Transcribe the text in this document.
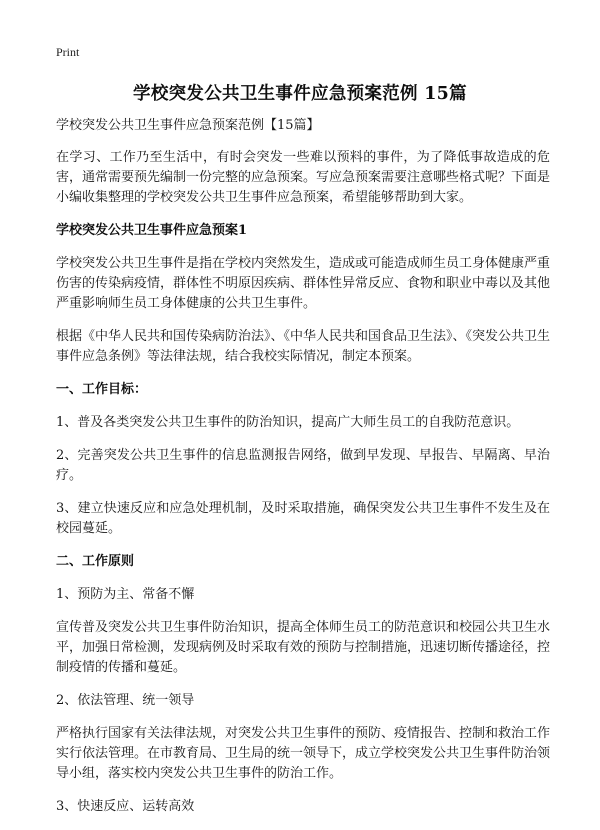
Print
学校突发公共卫生事件应急预案范例 15篇
学校突发公共卫生事件应急预案范例【15篇】
在学习、工作乃至生活中，有时会突发一些难以预料的事件，为了降低事故造成的危害，通常需要预先编制一份完整的应急预案。写应急预案需要注意哪些格式呢？下面是小编收集整理的学校突发公共卫生事件应急预案，希望能够帮助到大家。
学校突发公共卫生事件应急预案1
学校突发公共卫生事件是指在学校内突然发生，造成或可能造成师生员工身体健康严重伤害的传染病疫情，群体性不明原因疾病、群体性异常反应、食物和职业中毒以及其他严重影响师生员工身体健康的公共卫生事件。
根据《中华人民共和国传染病防治法》、《中华人民共和国食品卫生法》、《突发公共卫生事件应急条例》等法律法规，结合我校实际情况，制定本预案。
一、工作目标：
1、普及各类突发公共卫生事件的防治知识，提高广大师生员工的自我防范意识。
2、完善突发公共卫生事件的信息监测报告网络，做到早发现、早报告、早隔离、早治疗。
3、建立快速反应和应急处理机制，及时采取措施，确保突发公共卫生事件不发生及在校园蔓延。
二、工作原则
1、预防为主、常备不懈
宣传普及突发公共卫生事件防治知识，提高全体师生员工的防范意识和校园公共卫生水平，加强日常检测，发现病例及时采取有效的预防与控制措施，迅速切断传播途径，控制疫情的传播和蔓延。
2、依法管理、统一领导
严格执行国家有关法律法规，对突发公共卫生事件的预防、疫情报告、控制和救治工作实行依法管理。在市教育局、卫生局的统一领导下，成立学校突发公共卫生事件防治领导小组，落实校内突发公共卫生事件的防治工作。
3、快速反应、运转高效
